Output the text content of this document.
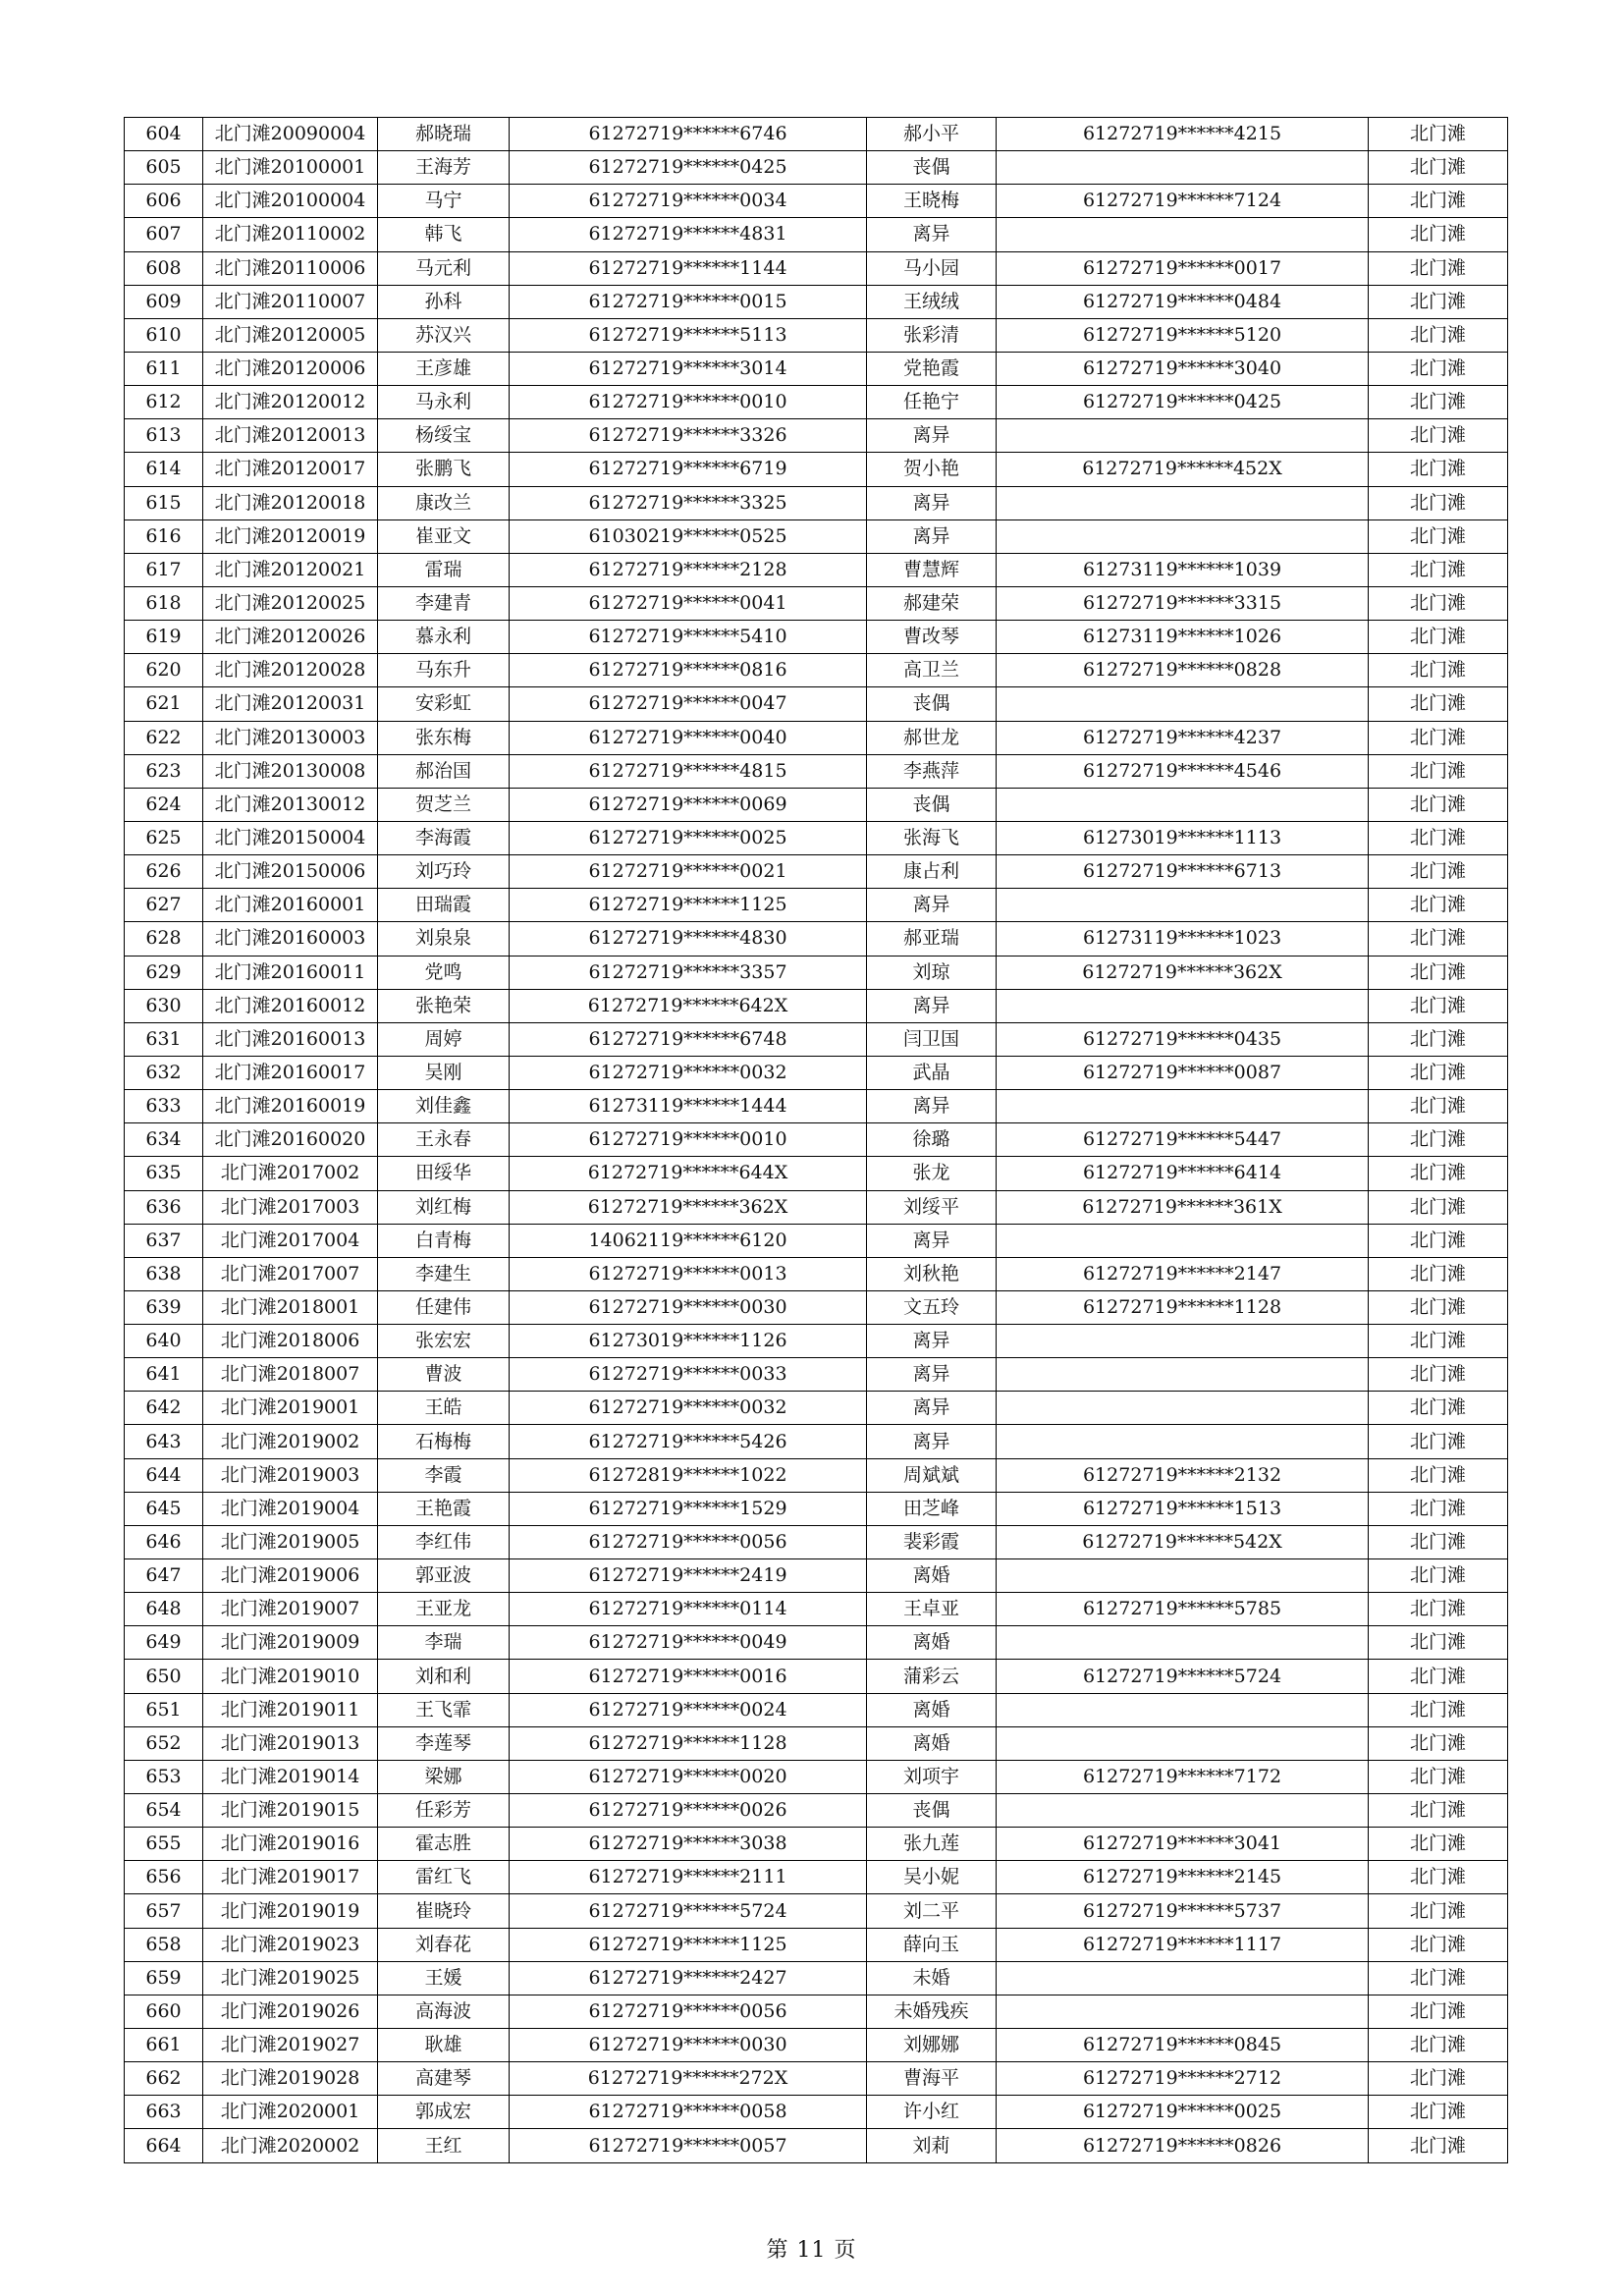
604	北门滩20090004	郝晓瑞	61272719******6746	郝小平	61272719******4215	北门滩
605	北门滩20100001	王海芳	61272719******0425	丧偶		北门滩
606	北门滩20100004	马宁	61272719******0034	王晓梅	61272719******7124	北门滩
607	北门滩20110002	韩飞	61272719******4831	离异		北门滩
608	北门滩20110006	马元利	61272719******1144	马小园	61272719******0017	北门滩
609	北门滩20110007	孙科	61272719******0015	王绒绒	61272719******0484	北门滩
610	北门滩20120005	苏汉兴	61272719******5113	张彩清	61272719******5120	北门滩
611	北门滩20120006	王彦雄	61272719******3014	党艳霞	61272719******3040	北门滩
612	北门滩20120012	马永利	61272719******0010	任艳宁	61272719******0425	北门滩
613	北门滩20120013	杨绥宝	61272719******3326	离异		北门滩
614	北门滩20120017	张鹏飞	61272719******6719	贺小艳	61272719******452X	北门滩
615	北门滩20120018	康改兰	61272719******3325	离异		北门滩
616	北门滩20120019	崔亚文	61030219******0525	离异		北门滩
617	北门滩20120021	雷瑞	61272719******2128	曹慧辉	61273119******1039	北门滩
618	北门滩20120025	李建青	61272719******0041	郝建荣	61272719******3315	北门滩
619	北门滩20120026	慕永利	61272719******5410	曹改琴	61273119******1026	北门滩
620	北门滩20120028	马东升	61272719******0816	高卫兰	61272719******0828	北门滩
621	北门滩20120031	安彩虹	61272719******0047	丧偶		北门滩
622	北门滩20130003	张东梅	61272719******0040	郝世龙	61272719******4237	北门滩
623	北门滩20130008	郝治国	61272719******4815	李燕萍	61272719******4546	北门滩
624	北门滩20130012	贺芝兰	61272719******0069	丧偶		北门滩
625	北门滩20150004	李海霞	61272719******0025	张海飞	61273019******1113	北门滩
626	北门滩20150006	刘巧玲	61272719******0021	康占利	61272719******6713	北门滩
627	北门滩20160001	田瑞霞	61272719******1125	离异		北门滩
628	北门滩20160003	刘泉泉	61272719******4830	郝亚瑞	61273119******1023	北门滩
629	北门滩20160011	党鸣	61272719******3357	刘琼	61272719******362X	北门滩
630	北门滩20160012	张艳荣	61272719******642X	离异		北门滩
631	北门滩20160013	周婷	61272719******6748	闫卫国	61272719******0435	北门滩
632	北门滩20160017	吴刚	61272719******0032	武晶	61272719******0087	北门滩
633	北门滩20160019	刘佳鑫	61273119******1444	离异		北门滩
634	北门滩20160020	王永春	61272719******0010	徐璐	61272719******5447	北门滩
635	北门滩2017002	田绥华	61272719******644X	张龙	61272719******6414	北门滩
636	北门滩2017003	刘红梅	61272719******362X	刘绥平	61272719******361X	北门滩
637	北门滩2017004	白青梅	14062119******6120	离异		北门滩
638	北门滩2017007	李建生	61272719******0013	刘秋艳	61272719******2147	北门滩
639	北门滩2018001	任建伟	61272719******0030	文五玲	61272719******1128	北门滩
640	北门滩2018006	张宏宏	61273019******1126	离异		北门滩
641	北门滩2018007	曹波	61272719******0033	离异		北门滩
642	北门滩2019001	王皓	61272719******0032	离异		北门滩
643	北门滩2019002	石梅梅	61272719******5426	离异		北门滩
644	北门滩2019003	李霞	61272819******1022	周斌斌	61272719******2132	北门滩
645	北门滩2019004	王艳霞	61272719******1529	田芝峰	61272719******1513	北门滩
646	北门滩2019005	李红伟	61272719******0056	裴彩霞	61272719******542X	北门滩
647	北门滩2019006	郭亚波	61272719******2419	离婚		北门滩
648	北门滩2019007	王亚龙	61272719******0114	王卓亚	61272719******5785	北门滩
649	北门滩2019009	李瑞	61272719******0049	离婚		北门滩
650	北门滩2019010	刘和利	61272719******0016	蒲彩云	61272719******5724	北门滩
651	北门滩2019011	王飞霏	61272719******0024	离婚		北门滩
652	北门滩2019013	李莲琴	61272719******1128	离婚		北门滩
653	北门滩2019014	梁娜	61272719******0020	刘项宇	61272719******7172	北门滩
654	北门滩2019015	任彩芳	61272719******0026	丧偶		北门滩
655	北门滩2019016	霍志胜	61272719******3038	张九莲	61272719******3041	北门滩
656	北门滩2019017	雷红飞	61272719******2111	吴小妮	61272719******2145	北门滩
657	北门滩2019019	崔晓玲	61272719******5724	刘二平	61272719******5737	北门滩
658	北门滩2019023	刘春花	61272719******1125	薛向玉	61272719******1117	北门滩
659	北门滩2019025	王媛	61272719******2427	未婚		北门滩
660	北门滩2019026	高海波	61272719******0056	未婚残疾		北门滩
661	北门滩2019027	耿雄	61272719******0030	刘娜娜	61272719******0845	北门滩
662	北门滩2019028	高建琴	61272719******272X	曹海平	61272719******2712	北门滩
663	北门滩2020001	郭成宏	61272719******0058	许小红	61272719******0025	北门滩
664	北门滩2020002	王红	61272719******0057	刘莉	61272719******0826	北门滩
第 11 页
